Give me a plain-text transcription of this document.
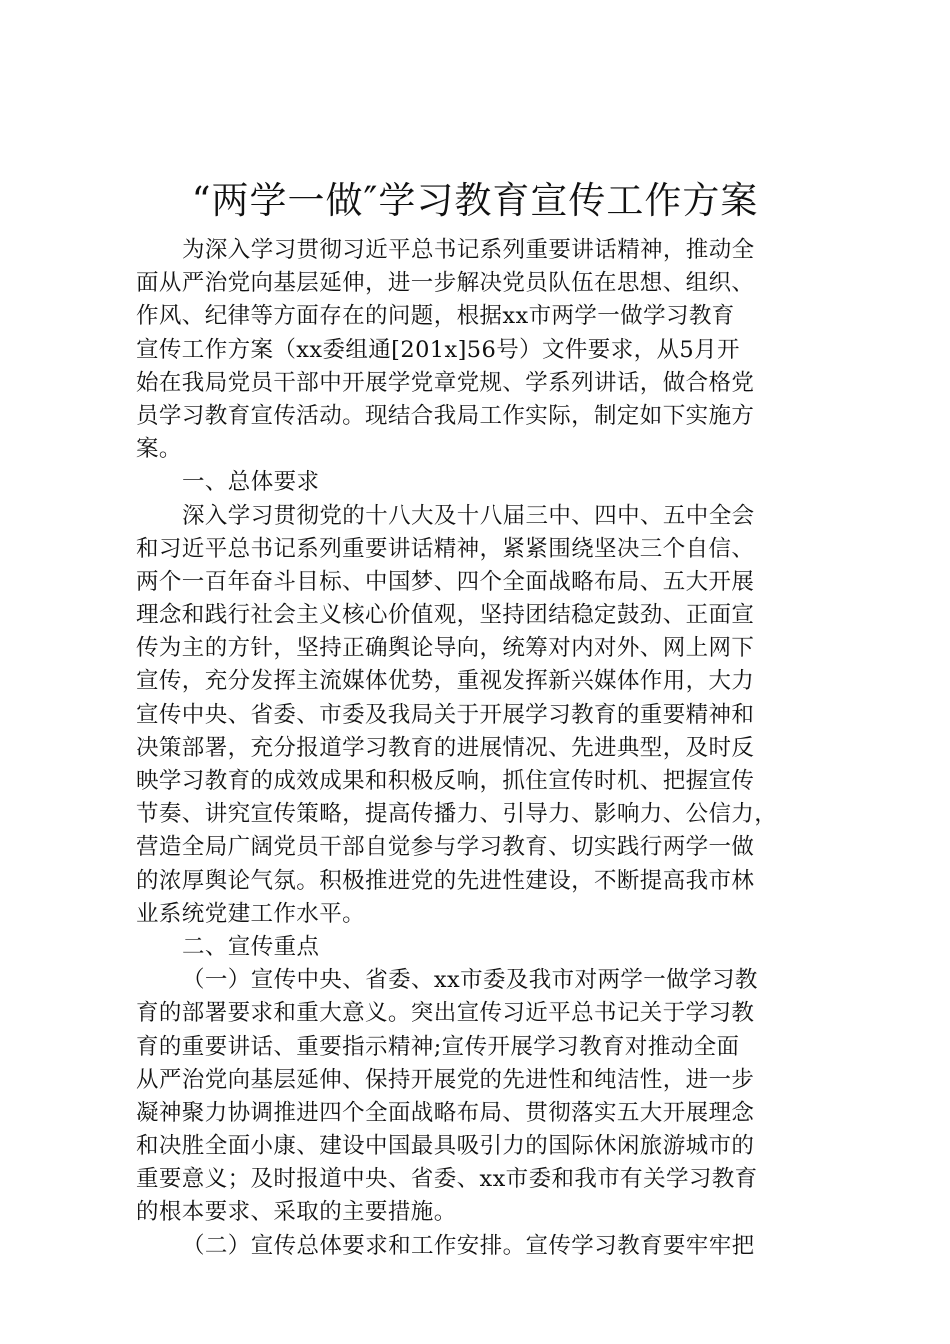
“两学一做″学习教育宣传工作方案
为深入学习贯彻习近平总书记系列重要讲话精神，推动全
面从严治党向基层延伸，进一步解决党员队伍在思想、组织、
作风、纪律等方面存在的问题，根据xx市两学一做学习教育
宣传工作方案（xx委组通[201x]56号）文件要求，从5月开
始在我局党员干部中开展学党章党规、学系列讲话，做合格党
员学习教育宣传活动。现结合我局工作实际，制定如下实施方
案。
一、总体要求
深入学习贯彻党的十八大及十八届三中、四中、五中全会
和习近平总书记系列重要讲话精神，紧紧围绕坚决三个自信、
两个一百年奋斗目标、中国梦、四个全面战略布局、五大开展
理念和践行社会主义核心价值观，坚持团结稳定鼓劲、正面宣
传为主的方针，坚持正确舆论导向，统筹对内对外、网上网下
宣传，充分发挥主流媒体优势，重视发挥新兴媒体作用，大力
宣传中央、省委、市委及我局关于开展学习教育的重要精神和
决策部署，充分报道学习教育的进展情况、先进典型，及时反
映学习教育的成效成果和积极反响，抓住宣传时机、把握宣传
节奏、讲究宣传策略，提高传播力、引导力、影响力、公信力，
营造全局广阔党员干部自觉参与学习教育、切实践行两学一做
的浓厚舆论气氛。积极推进党的先进性建设，不断提高我市林
业系统党建工作水平。
二、宣传重点
（一）宣传中央、省委、xx市委及我市对两学一做学习教
育的部署要求和重大意义。突出宣传习近平总书记关于学习教
育的重要讲话、重要指示精神;宣传开展学习教育对推动全面
从严治党向基层延伸、保持开展党的先进性和纯洁性，进一步
凝神聚力协调推进四个全面战略布局、贯彻落实五大开展理念
和决胜全面小康、建设中国最具吸引力的国际休闲旅游城市的
重要意义；及时报道中央、省委、xx市委和我市有关学习教育
的根本要求、采取的主要措施。
（二）宣传总体要求和工作安排。宣传学习教育要牢牢把
